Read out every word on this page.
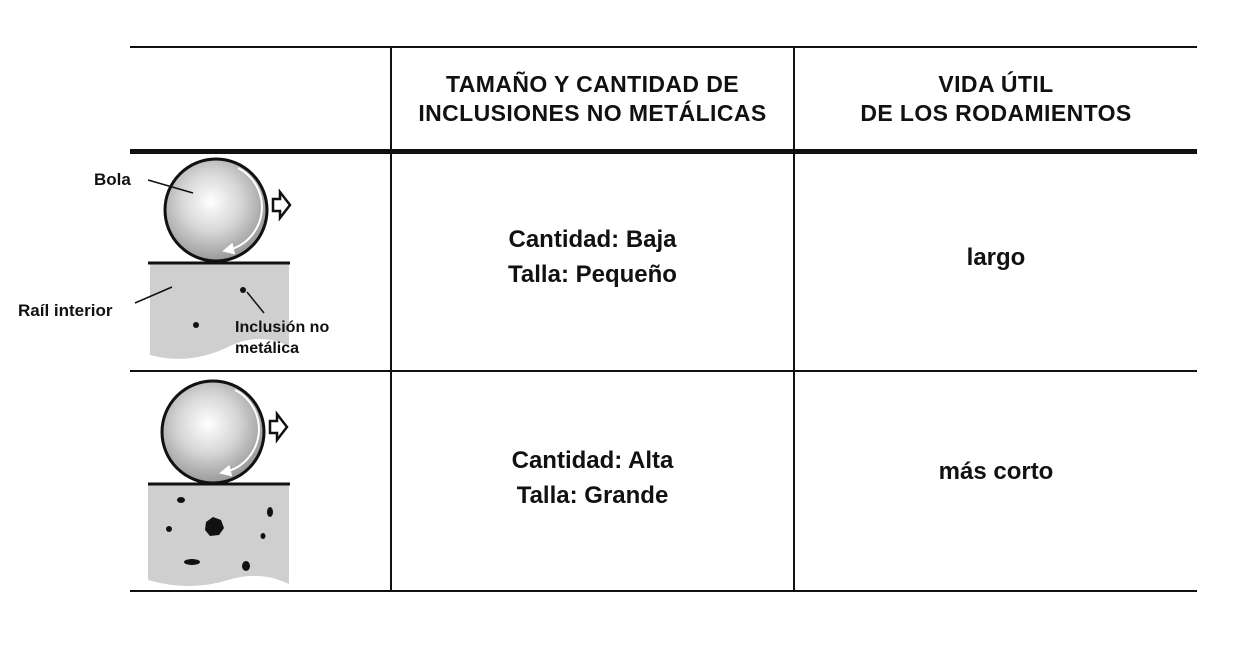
TAMAÑO Y CANTIDAD DE
INCLUSIONES NO METÁLICAS
VIDA ÚTIL
DE LOS RODAMIENTOS
Cantidad: Baja
Talla: Pequeño
largo
Cantidad: Alta
Talla: Grande
más corto
Bola
Raíl interior
Inclusión no
metálica
